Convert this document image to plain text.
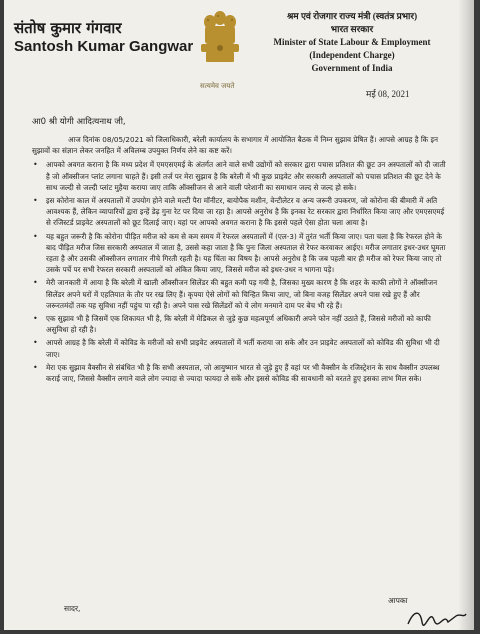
संतोष कुमार गंगवार
Santosh Kumar Gangwar
सत्यमेव जयते
श्रम एवं रोजगार राज्य मंत्री (स्वतंत्र प्रभार)
भारत सरकार
Minister of State Labour & Employment
(Independent Charge)
Government of India
मई 08, 2021
आ0 श्री योगी आदित्यनाथ जी,

आज दिनांक 08/05/2021 को जिलाधिकारी, बरेली कार्यालय के सभागार में आयोजित बैठक में निम्न सुझाव प्रेषित हैं। आपसे आग्रह है कि इन सुझावों का संज्ञान लेकर जनहित में अविलम्ब उपयुक्त निर्णय लेने का कष्ट करें।

• आपको अवगत कराना है कि मध्य प्रदेश में एमएसएमई के अंतर्गत आने वाले सभी उद्योगों को सरकार द्वारा पचास प्रतिशत की छूट उन अस्पतालों को दी जाती है जो ऑक्सीजन प्लांट लगाना चाहते हैं। इसी तर्ज पर मेरा सुझाव है कि बरेली में भी कुछ प्राइवेट और सरकारी अस्पतालों को पचास प्रतिशत की छूट देने के साथ जल्दी से जल्दी प्लांट मुहैया कराया जाए ताकि ऑक्सीजन से आने वाली परेशानी का समाधान जल्द से जल्द हो सके।
• इस कोरोना काल में अस्पतालों में उपयोग होने वाले मल्टी पैरा मॉनीटर, बायोपैक मशीन, वेन्टीलेटर व अन्य जरूरी उपकरण, जो कोरोना की बीमारी में अति आवश्यक हैं, लेकिन व्यापारियों द्वारा इन्हें डेढ़ गुना रेट पर दिया जा रहा है। आपसे अनुरोध है कि इनका रेट सरकार द्वारा निर्धारित किया जाए और एमएसएमई से रजिस्टर्ड प्राइवेट अस्पतालों को छूट दिलाई जाए। यहां पर आपको अवगत कराना है कि इससे पहले ऐसा होता चला आया है।
• यह बहुत जरूरी है कि कोरोना पीड़ित मरीज को कम से कम समय में रेफरल अस्पतालों में (एल-3) में तुरंत भर्ती किया जाए। पता चला है कि रेफरल होने के बाद पीड़ित मरीज जिस सरकारी अस्पताल में जाता है, उससे कहा जाता है कि पुनः जिला अस्पताल से रेफर करवाकर आईए। मरीज लगातार इधर-उधर घूमता रहता है और उसकी ऑक्सीजन लगातार नीचे गिरती रहती है। यह चिंता का विषय है। आपसे अनुरोध है कि जब पहली बार ही मरीज को रेफर किया जाए तो उसके पर्चे पर सभी रेफरल सरकारी अस्पतालों को अंकित किया जाए, जिससे मरीज को इधर-उधर न भागना पड़े।
• मेरी जानकारी में आया है कि बरेली में खाली ऑक्सीजन सिलेंडर की बहुत कमी पड़ गयी है, जिसका मुख्य कारण है कि शहर के काफी लोगों ने ऑक्सीजन सिलेंडर अपने घरों में एहतियात के तौर पर रख लिए हैं। कृपया ऐसे लोगों को चिन्हित किया जाए, जो बिना वजह सिलेंडर अपने पास रखे हुए हैं और जरूरतमंदों तक यह सुविधा नहीं पहुंच पा रही है। अपने पास रखे सिलेंडरों को ये लोग मनमाने दाम पर बेच भी रहे हैं।
• एक सुझाव भी है जिसमें एक शिकायत भी है, कि बरेली में मेडिकल से जुड़े कुछ महत्वपूर्ण अधिकारी अपने फोन नहीं उठाते हैं, जिससे मरीजों को काफी असुविधा हो रही है।
• आपसे आग्रह है कि बरेली में कोविड के मरीजों को सभी प्राइवेट अस्पतालों में भर्ती कराया जा सके और उन प्राइवेट अस्पतालों को कोविड की सुविधा भी दी जाए।
• मेरा एक सुझाव वैक्सीन से संबंधित भी है कि सभी अस्पताल, जो आयुष्मान भारत से जुड़े हुए हैं वहां पर भी वैक्सीन के रजिस्ट्रेशन के साथ वैक्सीन उपलब्ध कराई जाए, जिससे वैक्सीन लगाने वाले लोग ज्यादा से ज्यादा फायदा ले सकें और इससे कोविड की सावधानी को वरतते हुए इसका लाभ मिल सके।
सादर,
आपका
